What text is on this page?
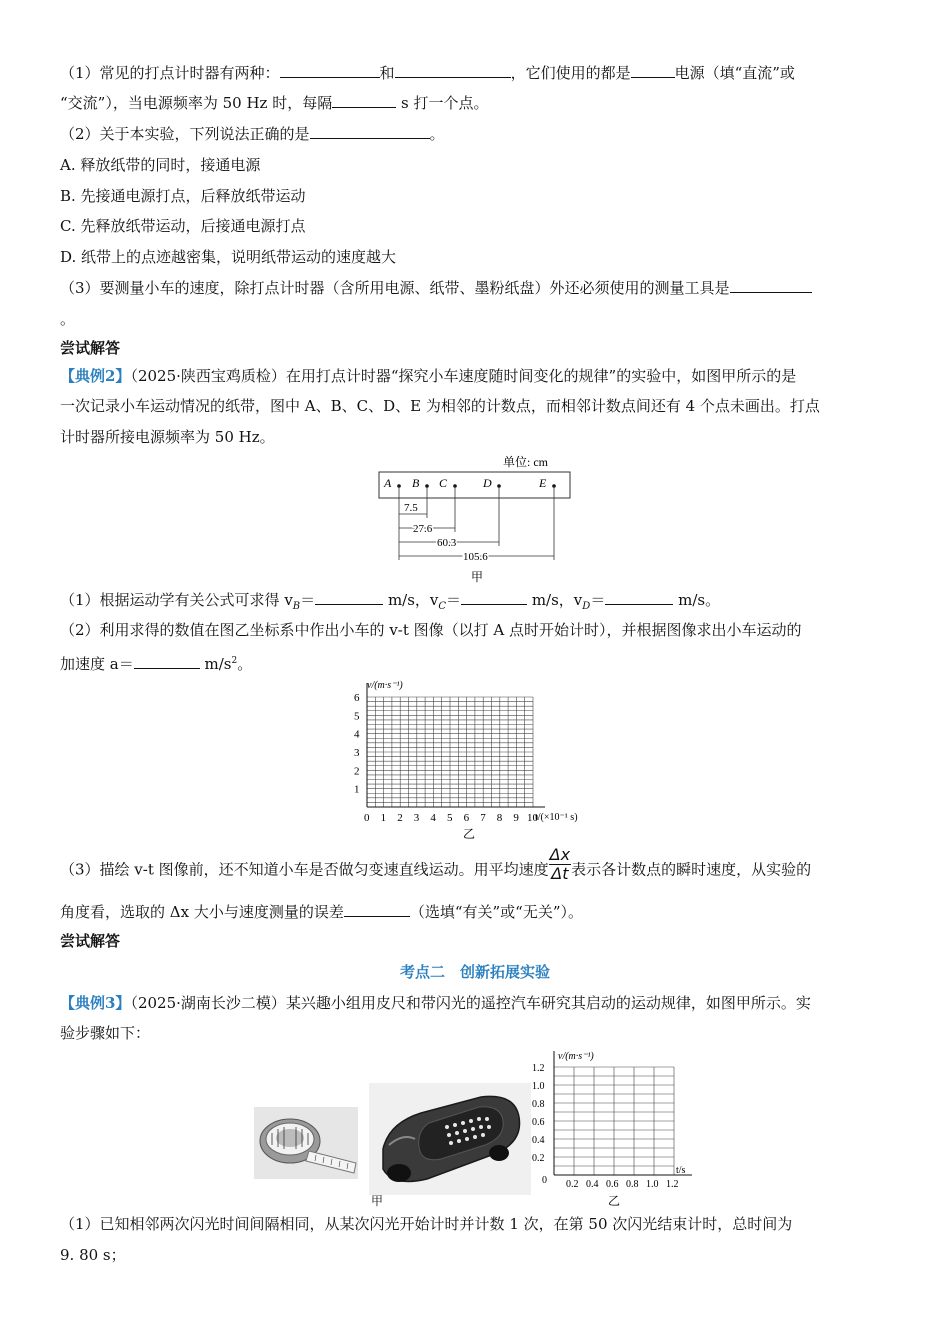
（1）常见的打点计时器有两种：	和	，它们使用的都是	电源（填“直流”或
“交流”），当电源频率为 50 Hz 时，每隔	s 打一个点。
（2）关于本实验，下列说法正确的是	。
A. 释放纸带的同时，接通电源
B. 先接通电源打点，后释放纸带运动
C. 先释放纸带运动，后接通电源打点
D. 纸带上的点迹越密集，说明纸带运动的速度越大
（3）要测量小车的速度，除打点计时器（含所用电源、纸带、墨粉纸盘）外还必须使用的测量工具是
。
尝试解答
【典例2】（2025·陕西宝鸡质检）在用打点计时器“探究小车速度随时间变化的规律”的实验中，如图甲所示的是
一次记录小车运动情况的纸带，图中 A、B、C、D、E 为相邻的计数点，而相邻计数点间还有 4 个点未画出。打点
计时器所接电源频率为 50 Hz。
单位: cm
A B C	D	E
7.5
27.6
60.3
105.6
甲
（1）根据运动学有关公式可求得 $v_B=$	m/s，$v_C=$	m/s，$v_D=$	m/s。
（2）利用求得的数值在图乙坐标系中作出小车的 v-t 图像（以打 A 点时开始计时），并根据图像求出小车运动的
加速度 a＝	$m/s^2$。
v/(m·s⁻¹)
t/(×10⁻¹ s)
乙
1
2
3
4
5
6
0 1 2 3 4 5 6 7 8 9 10
（3）描绘 v-t 图像前，还不知道小车是否做匀变速直线运动。用平均速度 $\frac{\Delta x}{\Delta t}$ 表示各计数点的瞬时速度，从实验的
角度看，选取的 Δx 大小与速度测量的误差	（选填“有关”或“无关”）。
尝试解答
考点二　创新拓展实验
【典例3】（2025·湖南长沙二模）某兴趣小组用皮尺和带闪光的遥控汽车研究其启动的运动规律，如图甲所示。实
验步骤如下：
甲
v/(m·s⁻¹)
t/s
0
乙
0.2
0.4
0.6
0.8
1.0
1.2
0.2 0.4 0.6 0.8 1.0 1.2
（1）已知相邻两次闪光时间间隔相同，从某次闪光开始计时并计数 1 次，在第 50 次闪光结束计时，总时间为
9. 80 s；
